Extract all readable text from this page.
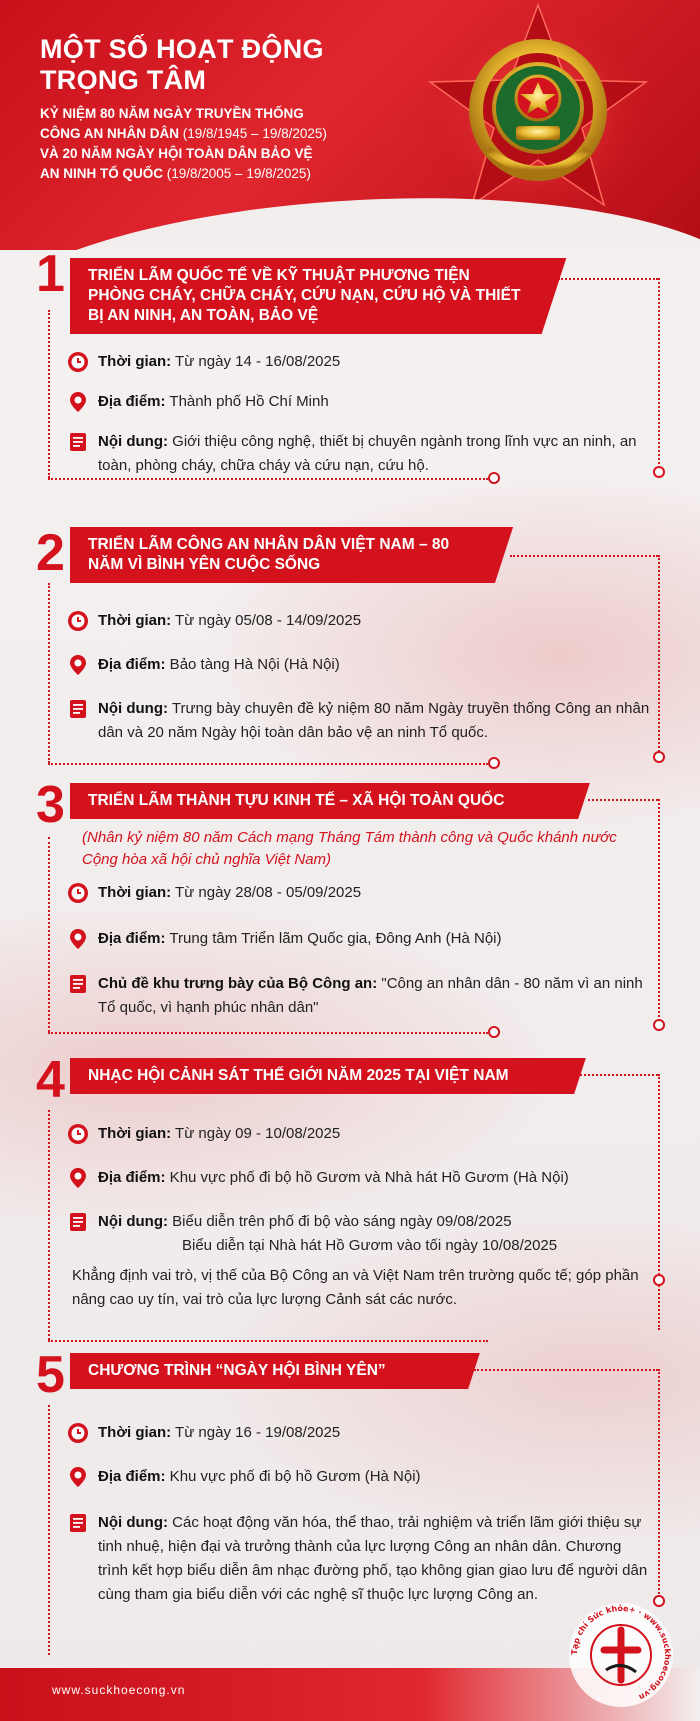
MỘT SỐ HOẠT ĐỘNG
TRỌNG TÂM
KỶ NIỆM 80 NĂM NGÀY TRUYỀN THỐNG
CÔNG AN NHÂN DÂN (19/8/1945 – 19/8/2025)
VÀ 20 NĂM NGÀY HỘI TOÀN DÂN BẢO VỆ
AN NINH TỔ QUỐC (19/8/2005 – 19/8/2025)
1	TRIỂN LÃM QUỐC TẾ VỀ KỸ THUẬT PHƯƠNG TIỆN PHÒNG CHÁY, CHỮA CHÁY, CỨU NẠN, CỨU HỘ VÀ THIẾT BỊ AN NINH, AN TOÀN, BẢO VỆ
Thời gian: Từ ngày 14 - 16/08/2025
Địa điểm: Thành phố Hồ Chí Minh
Nội dung: Giới thiệu công nghệ, thiết bị chuyên ngành trong lĩnh vực an ninh, an toàn, phòng cháy, chữa cháy và cứu nạn, cứu hộ.
2	TRIỂN LÃM CÔNG AN NHÂN DÂN VIỆT NAM – 80 NĂM VÌ BÌNH YÊN CUỘC SỐNG
Thời gian: Từ ngày 05/08 - 14/09/2025
Địa điểm: Bảo tàng Hà Nội (Hà Nội)
Nội dung: Trưng bày chuyên đề kỷ niệm 80 năm Ngày truyền thống Công an nhân dân và 20 năm Ngày hội toàn dân bảo vệ an ninh Tổ quốc.
3	TRIỂN LÃM THÀNH TỰU KINH TẾ – XÃ HỘI TOÀN QUỐC
(Nhân kỷ niệm 80 năm Cách mạng Tháng Tám thành công và Quốc khánh nước Cộng hòa xã hội chủ nghĩa Việt Nam)
Thời gian: Từ ngày 28/08 - 05/09/2025
Địa điểm: Trung tâm Triển lãm Quốc gia, Đông Anh (Hà Nội)
Chủ đề khu trưng bày của Bộ Công an: "Công an nhân dân - 80 năm vì an ninh Tổ quốc, vì hạnh phúc nhân dân"
4	NHẠC HỘI CẢNH SÁT THẾ GIỚI NĂM 2025 TẠI VIỆT NAM
Thời gian: Từ ngày 09 - 10/08/2025
Địa điểm: Khu vực phố đi bộ hồ Gươm và Nhà hát Hồ Gươm (Hà Nội)
Nội dung: Biểu diễn trên phố đi bộ vào sáng ngày 09/08/2025
Biểu diễn tại Nhà hát Hồ Gươm vào tối ngày 10/08/2025
Khẳng định vai trò, vị thế của Bộ Công an và Việt Nam trên trường quốc tế; góp phần nâng cao uy tín, vai trò của lực lượng Cảnh sát các nước.
5	CHƯƠNG TRÌNH “NGÀY HỘI BÌNH YÊN”
Thời gian: Từ ngày 16 - 19/08/2025
Địa điểm: Khu vực phố đi bộ hồ Gươm (Hà Nội)
Nội dung: Các hoạt động văn hóa, thể thao, trải nghiệm và triển lãm giới thiệu sự tinh nhuệ, hiện đại và trưởng thành của lực lượng Công an nhân dân. Chương trình kết hợp biểu diễn âm nhạc đường phố, tạo không gian giao lưu để người dân cùng tham gia biểu diễn với các nghệ sĩ thuộc lực lượng Công an.
www.suckhoecong.vn
Tạp chí Sức khỏe+ · www.suckhoecong.vn
